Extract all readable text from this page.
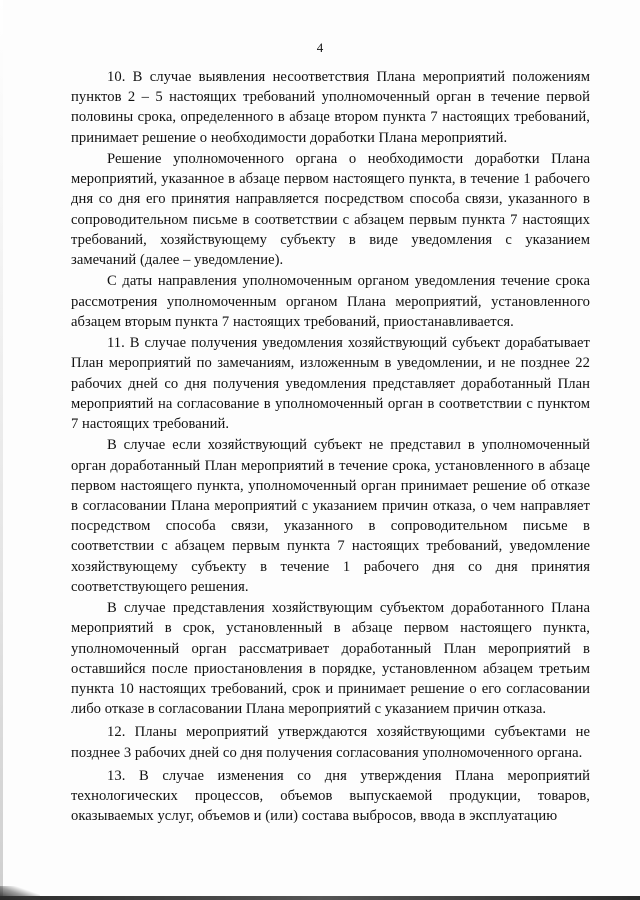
4

10. В случае выявления несоответствия Плана мероприятий положениям пунктов 2 – 5 настоящих требований уполномоченный орган в течение первой половины срока, определенного в абзаце втором пункта 7 настоящих требований, принимает решение о необходимости доработки Плана мероприятий.

Решение уполномоченного органа о необходимости доработки Плана мероприятий, указанное в абзаце первом настоящего пункта, в течение 1 рабочего дня со дня его принятия направляется посредством способа связи, указанного в сопроводительном письме в соответствии с абзацем первым пункта 7 настоящих требований, хозяйствующему субъекту в виде уведомления с указанием замечаний (далее – уведомление).

С даты направления уполномоченным органом уведомления течение срока рассмотрения уполномоченным органом Плана мероприятий, установленного абзацем вторым пункта 7 настоящих требований, приостанавливается.

11. В случае получения уведомления хозяйствующий субъект дорабатывает План мероприятий по замечаниям, изложенным в уведомлении, и не позднее 22 рабочих дней со дня получения уведомления представляет доработанный План мероприятий на согласование в уполномоченный орган в соответствии с пунктом 7 настоящих требований.

В случае если хозяйствующий субъект не представил в уполномоченный орган доработанный План мероприятий в течение срока, установленного в абзаце первом настоящего пункта, уполномоченный орган принимает решение об отказе в согласовании Плана мероприятий с указанием причин отказа, о чем направляет посредством способа связи, указанного в сопроводительном письме в соответствии с абзацем первым пункта 7 настоящих требований, уведомление хозяйствующему субъекту в течение 1 рабочего дня со дня принятия соответствующего решения.

В случае представления хозяйствующим субъектом доработанного Плана мероприятий в срок, установленный в абзаце первом настоящего пункта, уполномоченный орган рассматривает доработанный План мероприятий в оставшийся после приостановления в порядке, установленном абзацем третьим пункта 10 настоящих требований, срок и принимает решение о его согласовании либо отказе в согласовании Плана мероприятий с указанием причин отказа.

12. Планы мероприятий утверждаются хозяйствующими субъектами не позднее 3 рабочих дней со дня получения согласования уполномоченного органа.

13. В случае изменения со дня утверждения Плана мероприятий технологических процессов, объемов выпускаемой продукции, товаров, оказываемых услуг, объемов и (или) состава выбросов, ввода в эксплуатацию
